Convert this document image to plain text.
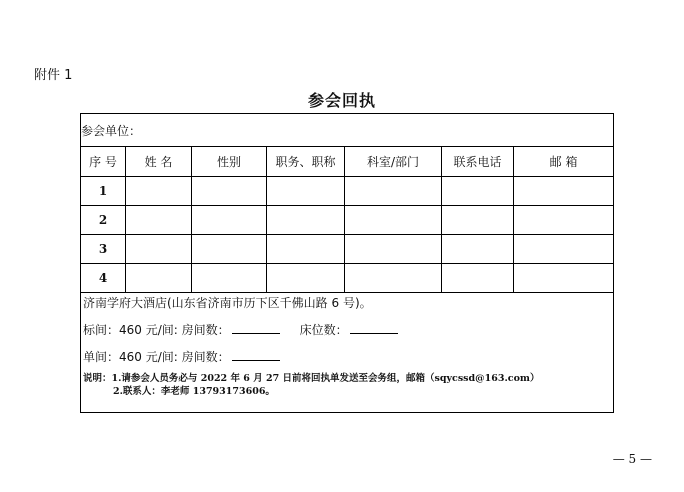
附件 1
参会回执
参会单位：						
序 号	姓 名	性别	职务、职称	科室/部门	联系电话	邮 箱
1						
2						
3						
4						

济南学府大酒店(山东省济南市历下区千佛山路 6 号)。
标间：460 元/间: 房间数： 床位数：
单间：460 元/间: 房间数：
说明：1.请参会人员务必与 2022 年 6 月 27 日前将回执单发送至会务组，邮箱（sqycssd@163.com）
2.联系人：李老师 13793173606。						
— 5 —
